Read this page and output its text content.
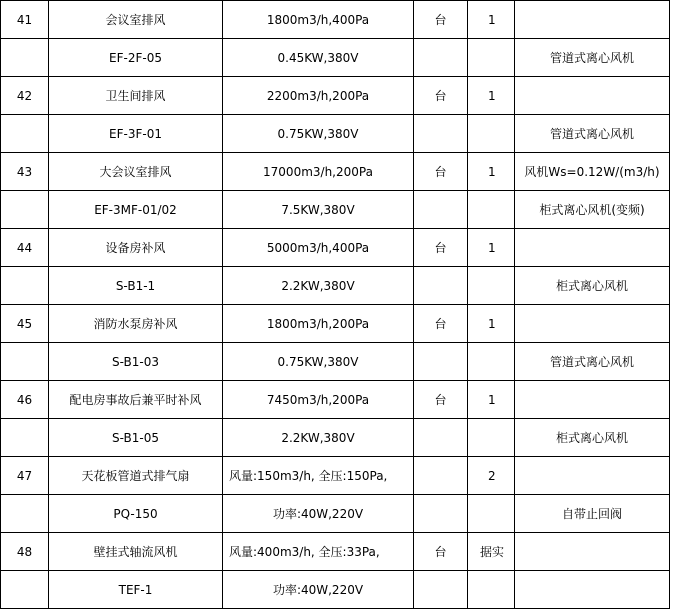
41	会议室排风	1800m3/h,400Pa	台	1	
	EF-2F-05	0.45KW,380V			管道式离心风机
42	卫生间排风	2200m3/h,200Pa	台	1	
	EF-3F-01	0.75KW,380V			管道式离心风机
43	大会议室排风	17000m3/h,200Pa	台	1	风机Ws=0.12W/(m3/h)
	EF-3MF-01/02	7.5KW,380V			柜式离心风机(变频)
44	设备房补风	5000m3/h,400Pa	台	1	
	S-B1-1	2.2KW,380V			柜式离心风机
45	消防水泵房补风	1800m3/h,200Pa	台	1	
	S-B1-03	0.75KW,380V			管道式离心风机
46	配电房事故后兼平时补风	7450m3/h,200Pa	台	1	
	S-B1-05	2.2KW,380V			柜式离心风机
47	天花板管道式排气扇	风量:150m3/h, 全压:150Pa,		2	
	PQ-150	功率:40W,220V			自带止回阀
48	壁挂式轴流风机	风量:400m3/h, 全压:33Pa,	台	据实	
	TEF-1	功率:40W,220V			
